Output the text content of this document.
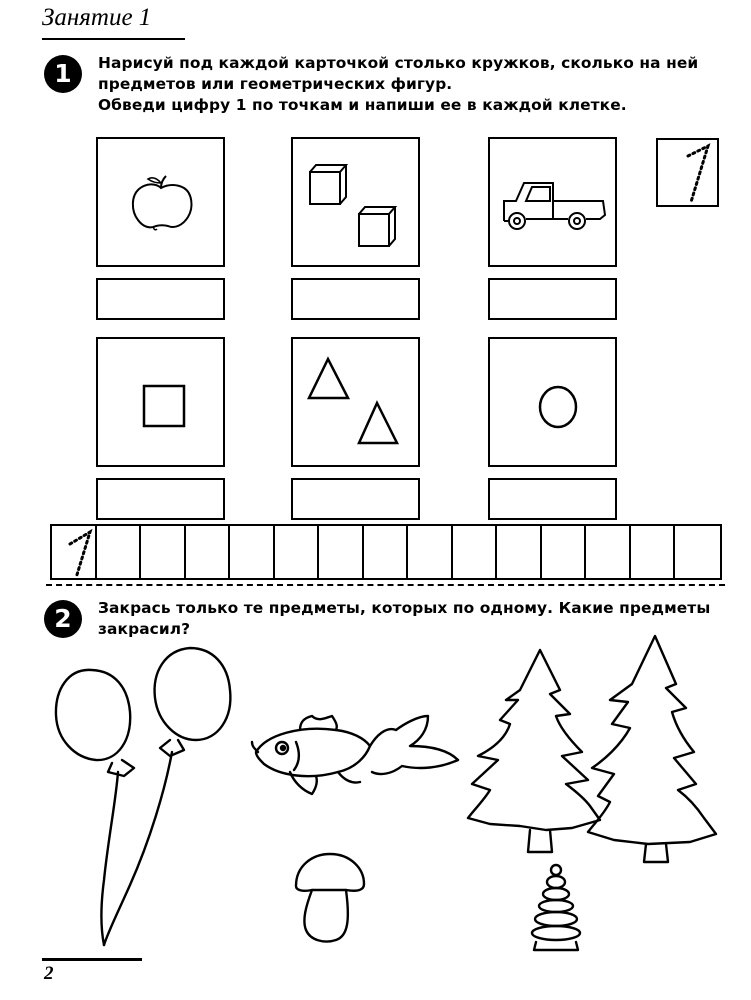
Занятие 1
1	Нарисуй под каждой карточкой столько кружков, сколько на ней
предметов или геометрических фигур.
Обведи цифру 1 по точкам и напиши ее в каждой клетке.
2	Закрась только те предметы, которых по одному. Какие предметы
закрасил?
2
